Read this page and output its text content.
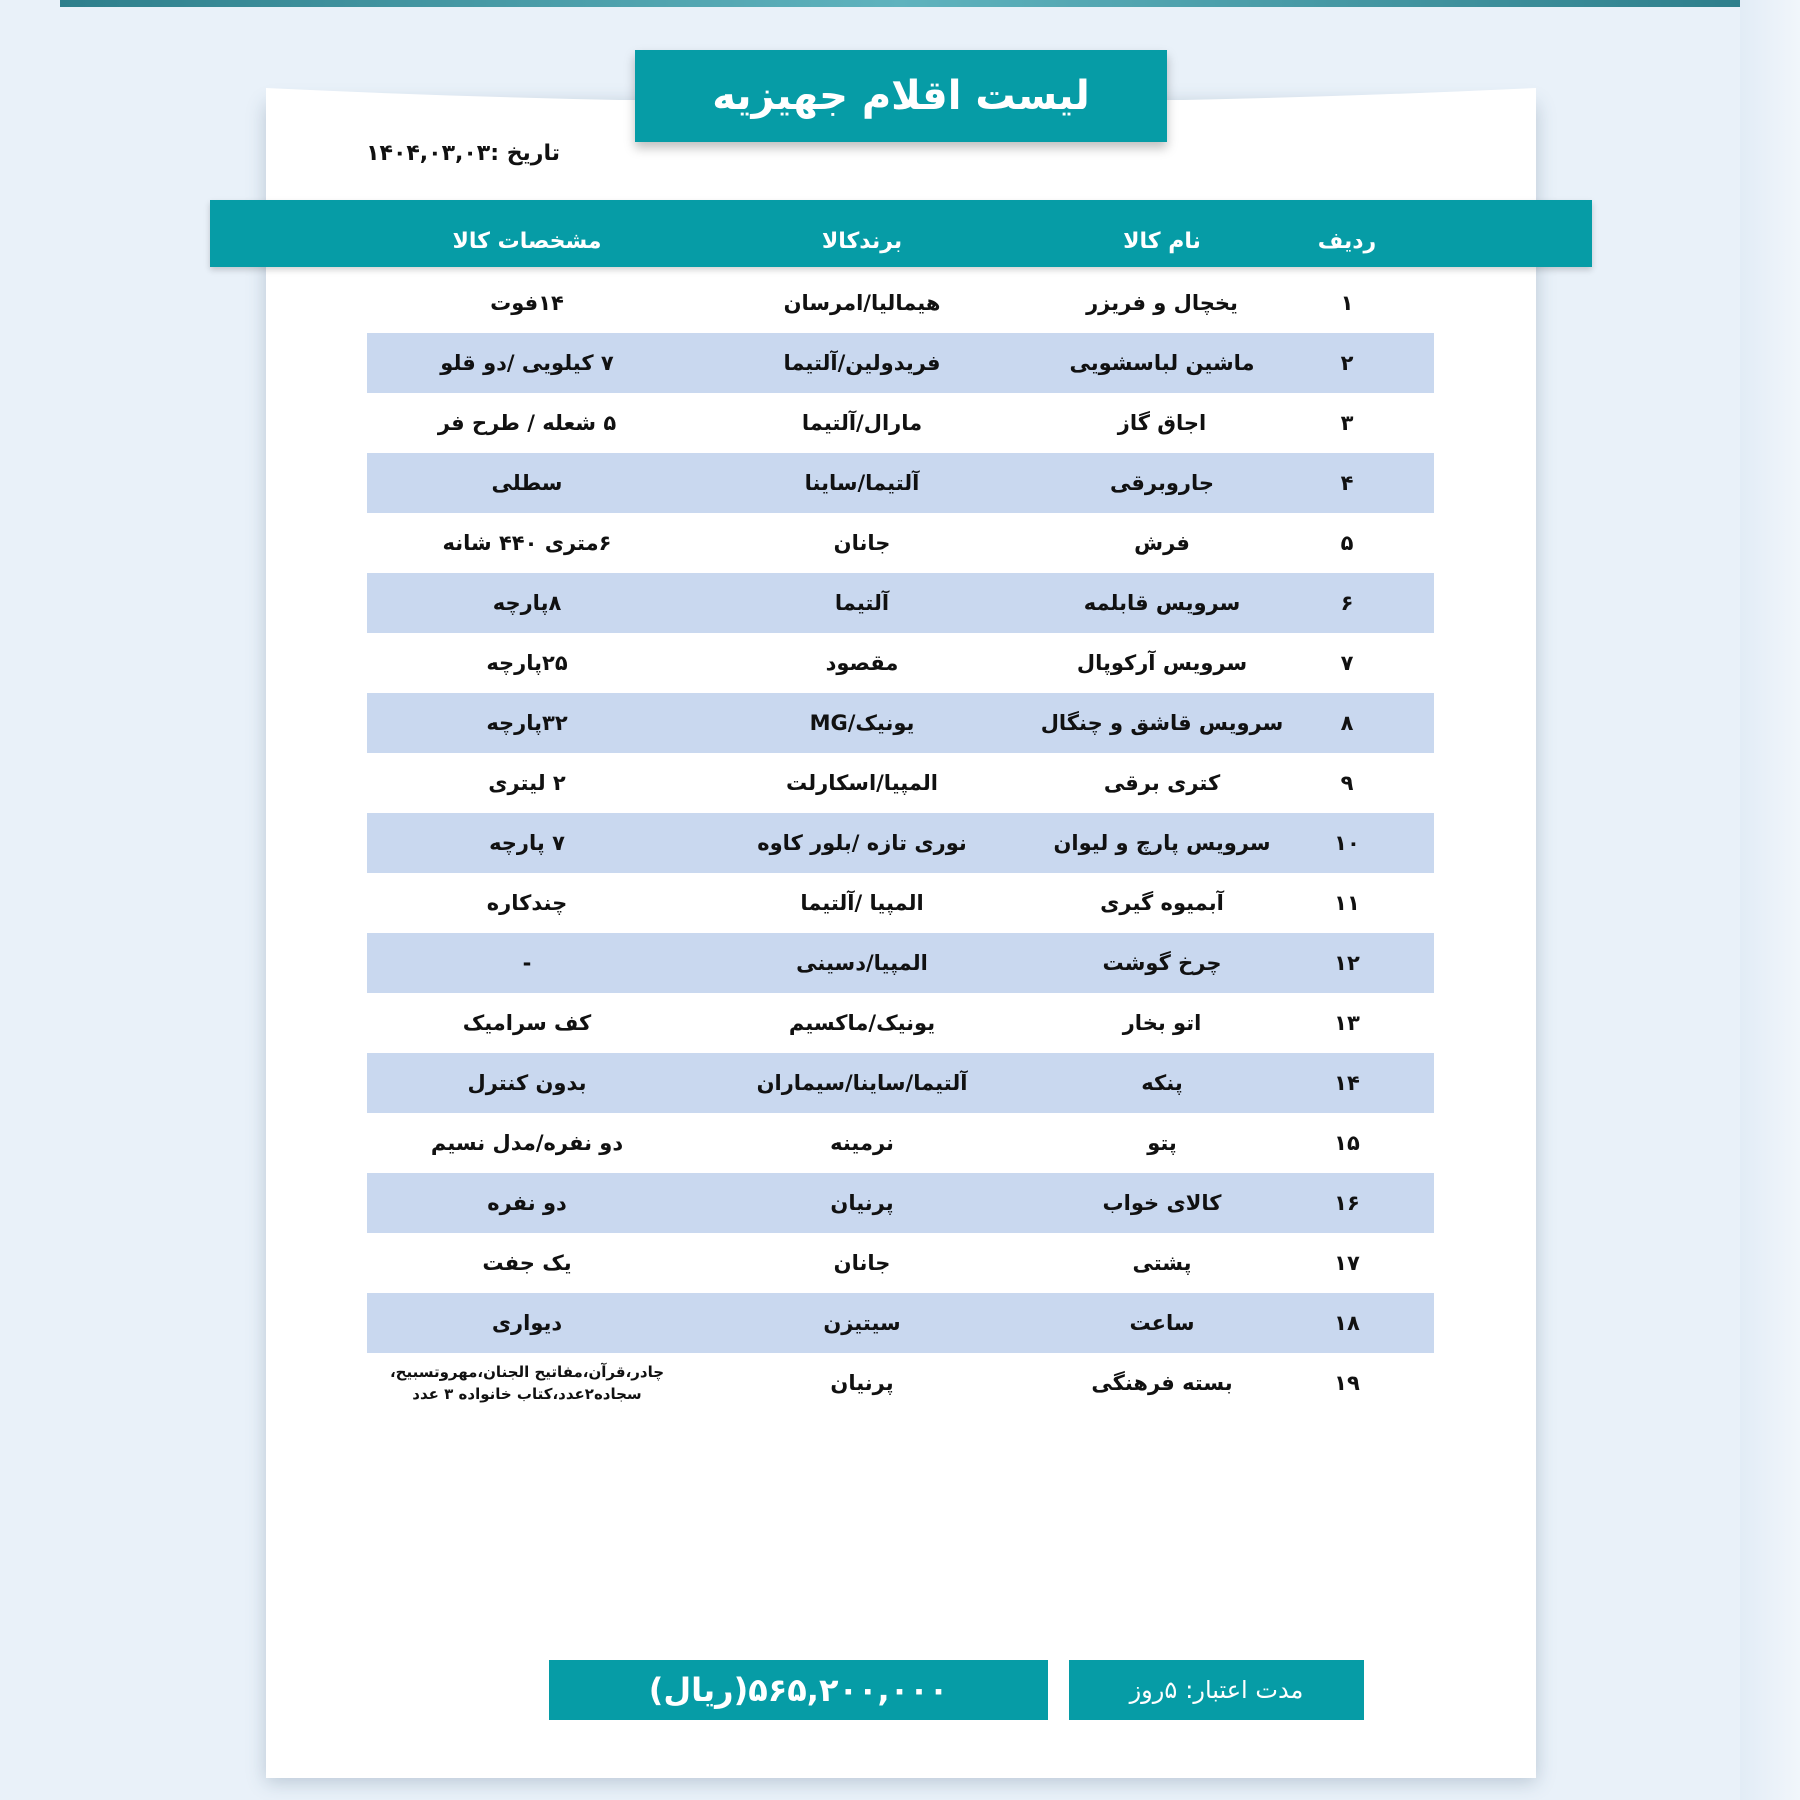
لیست اقلام جهیزیه
تاریخ :۱۴۰۴,۰۳,۰۳
ردیف
نام کالا
برندکالا
مشخصات کالا
۱
یخچال و فریزر
هیمالیا/امرسان
۱۴فوت
۲
ماشین لباسشویی
فریدولین/آلتیما
۷ کیلویی /دو قلو
۳
اجاق گاز
مارال/آلتیما
۵ شعله / طرح فر
۴
جاروبرقی
آلتیما/ساینا
سطلی
۵
فرش
جانان
۶متری ۴۴۰ شانه
۶
سرویس قابلمه
آلتیما
۸پارچه
۷
سرویس آرکوپال
مقصود
۲۵پارچه
۸
سرویس قاشق و چنگال
یونیک/MG
۳۲پارچه
۹
کتری برقی
المپیا/اسکارلت
۲ لیتری
۱۰
سرویس پارچ و لیوان
نوری تازه /بلور کاوه
۷ پارچه
۱۱
آبمیوه گیری
المپیا /آلتیما
چندکاره
۱۲
چرخ گوشت
المپیا/دسینی
-
۱۳
اتو بخار
یونیک/ماکسیم
کف سرامیک
۱۴
پنکه
آلتیما/ساینا/سیماران
بدون کنترل
۱۵
پتو
نرمینه
دو نفره/مدل نسیم
۱۶
کالای خواب
پرنیان
دو نفره
۱۷
پشتی
جانان
یک جفت
۱۸
ساعت
سیتیزن
دیواری
۱۹
بسته فرهنگی
پرنیان
چادر،قرآن،مفاتیح الجنان،مهروتسبیح، سجاده۲عدد،کتاب خانواده ۳ عدد
۵۶۵,۲۰۰,۰۰۰(ریال)	مدت اعتبار:
۵روز
